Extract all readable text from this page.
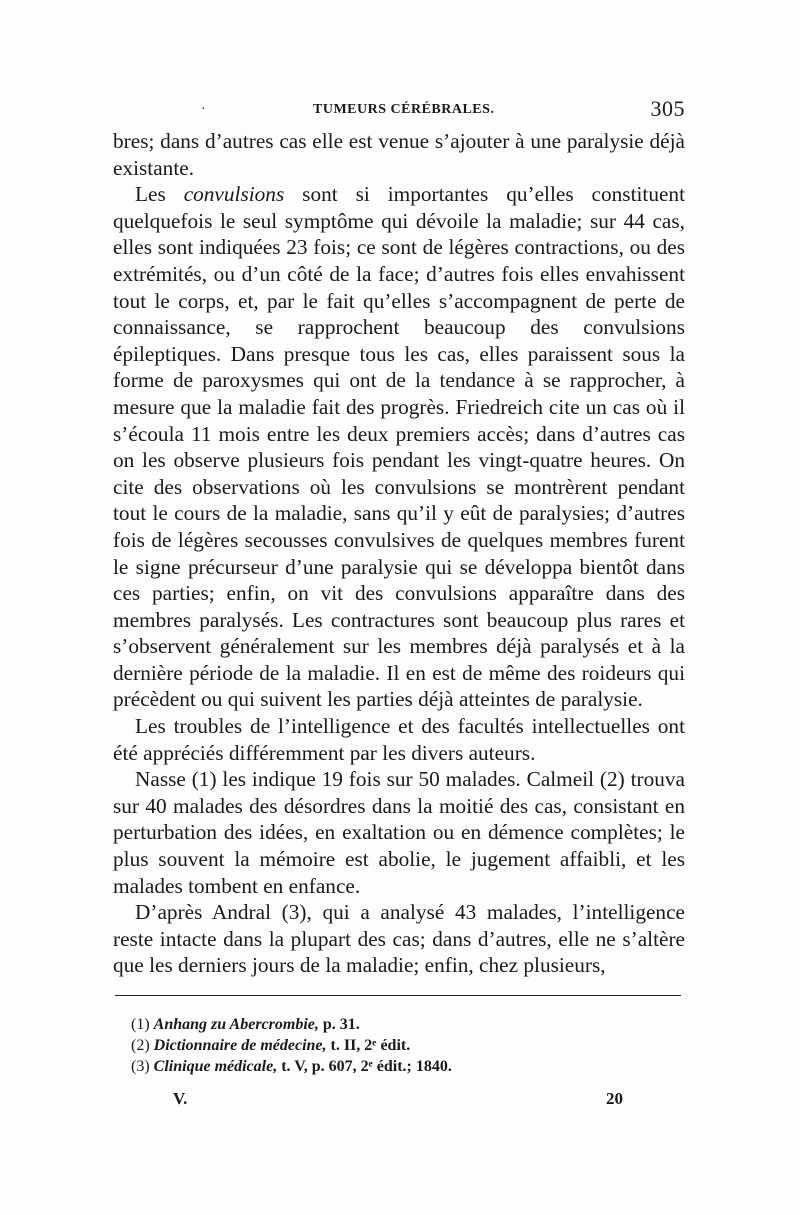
·	TUMEURS CÉRÉBRALES.	305

bres; dans d’autres cas elle est venue s’ajouter à une paralysie déjà existante.

Les convulsions sont si importantes qu’elles constituent quelquefois le seul symptôme qui dévoile la maladie; sur 44 cas, elles sont indiquées 23 fois; ce sont de légères contractions, ou des extrémités, ou d’un côté de la face; d’autres fois elles envahissent tout le corps, et, par le fait qu’elles s’accompagnent de perte de connaissance, se rapprochent beaucoup des convulsions épileptiques. Dans presque tous les cas, elles paraissent sous la forme de paroxysmes qui ont de la tendance à se rapprocher, à mesure que la maladie fait des progrès. Friedreich cite un cas où il s’écoula 11 mois entre les deux premiers accès; dans d’autres cas on les observe plusieurs fois pendant les vingt-quatre heures. On cite des observations où les convulsions se montrèrent pendant tout le cours de la maladie, sans qu’il y eût de paralysies; d’autres fois de légères secousses convulsives de quelques membres furent le signe précurseur d’une paralysie qui se développa bientôt dans ces parties; enfin, on vit des convulsions apparaître dans des membres paralysés. Les contractures sont beaucoup plus rares et s’observent généralement sur les membres déjà paralysés et à la dernière période de la maladie. Il en est de même des roideurs qui précèdent ou qui suivent les parties déjà atteintes de paralysie.

Les troubles de l’intelligence et des facultés intellectuelles ont été appréciés différemment par les divers auteurs.

Nasse (1) les indique 19 fois sur 50 malades. Calmeil (2) trouva sur 40 malades des désordres dans la moitié des cas, consistant en perturbation des idées, en exaltation ou en démence complètes; le plus souvent la mémoire est abolie, le jugement affaibli, et les malades tombent en enfance.

D’après Andral (3), qui a analysé 43 malades, l’intelligence reste intacte dans la plupart des cas; dans d’autres, elle ne s’altère que les derniers jours de la maladie; enfin, chez plusieurs,

(1) Anhang zu Abercrombie, p. 31.
(2) Dictionnaire de médecine, t. II, 2ᵉ édit.
(3) Clinique médicale, t. V, p. 607, 2ᵉ édit.; 1840.
V.	20
